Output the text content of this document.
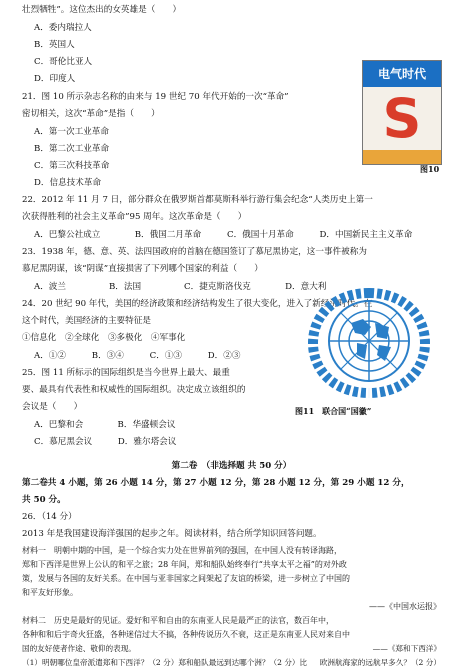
壮烈牺牲”。这位杰出的女英雄是（　　）
A．委内瑞拉人
B．英国人
C．哥伦比亚人
D．印度人
21．图 10 所示杂志名称的由来与 19 世纪 70 年代开始的一次“革命”
密切相关，这次“革命”是指（　　）
A．第一次工业革命
B．第二次工业革命
C．第三次科技革命
D．信息技术革命
电气时代
S
图10
22．2012 年 11 月 7 日，部分群众在俄罗斯首都莫斯科举行游行集会纪念“人类历史上第一
次获得胜利的社会主义革命”95 周年。这次革命是（　　）
A．巴黎公社成立　　　　B．俄国二月革命　　　C．俄国十月革命　　　D．中国新民主主义革命
23．1938 年，德、意、英、法四国政府的首脑在德国签订了慕尼黑协定，这一事件被称为
慕尼黑阴谋，该“阴谋”直接损害了下列哪个国家的利益（　　）
A．波兰　　　　　B．法国　　　　　C．捷克斯洛伐克　　　　D．意大利
24．20 世纪 90 年代，美国的经济政策和经济结构发生了很大变化，进入了新经济时代。在
这个时代，美国经济的主要特征是
①信息化　②全球化　③多极化　④军事化
A．①②　　　B．③④　　　C．①③　　　D．②③
25．图 11 所标示的国际组织是当今世界上最大、最重
要、最具有代表性和权威性的国际组织。决定成立该组织的
会议是（　　）
A．巴黎和会　　　　B．华盛顿会议
C．慕尼黑会议　　　D．雅尔塔会议
图11　联合国“国徽”
第二卷　（非选择题 共 50 分）
第二卷共 4 小题，第 26 小题 14 分，第 27 小题 12 分，第 28 小题 12 分，第 29 小题 12 分，
共 50 分。
26．（14 分）
2013 年是我国建设海洋强国的起步之年。阅读材料，结合所学知识回答问题。
材料一　明朝中期的中国，是一个综合实力处在世界前列的强国，在中国人没有转译海路，
郑和下西洋是世界上公认的和平之旅；28 年间，郑和船队始终奉行“共享太平之福”的对外政
策，发展与各国的友好关系。在中国与亚非国家之间架起了友谊的桥梁，进一步树立了中国的
和平友好形象。
——《中国水运报》
材料二　历史是最好的见证。爱好和平和自由的东南亚人民是最严正的法官，数百年中，
各种和和后宇奇火狂盛，各种迷信过大不搞，各种传说历久不衰，这正是东南亚人民对来自中
国的友好使者作途、敬仰的表现。	——《郑和下西洋》
（1）明朝哪位皇帝派遣郑和下西洋？（2 分）郑和船队最远到达哪个洲？（2 分）比 欧洲航海家的远航早多久？（2 分）
